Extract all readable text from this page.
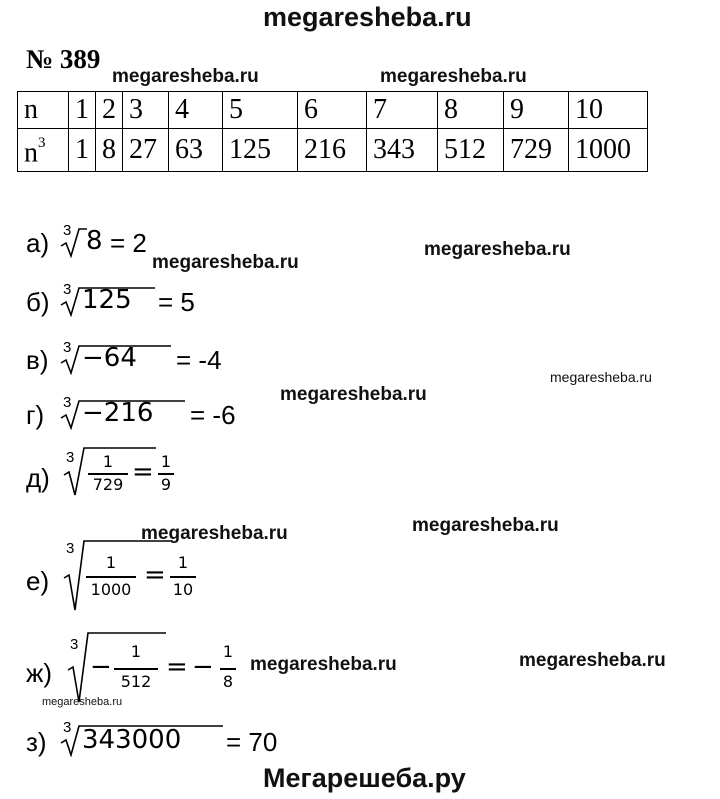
megaresheba.ru
№ 389
megaresheba.ru	megaresheba.ru
megaresheba.ru
megaresheba.ru
megaresheba.ru
megaresheba.ru
megaresheba.ru	megaresheba.ru
megaresheba.ru
megaresheba.ru
megaresheba.ru
n	1	2	3	4	5	6	7	8	9	10
$n^3$	1	8	27	63	125	216	343	512	729	1000
а) 3 8 = 2
б) 3 125 = 5
в) 3 −64 = -4
г) 3 −216 = -6
д)
3	1
729 = 1
9
е)
3
1
1000 = 1
10
ж)
3
−
1
512 = −
1
8
з) 3 343000 = 70
Мегарешеба.ру
